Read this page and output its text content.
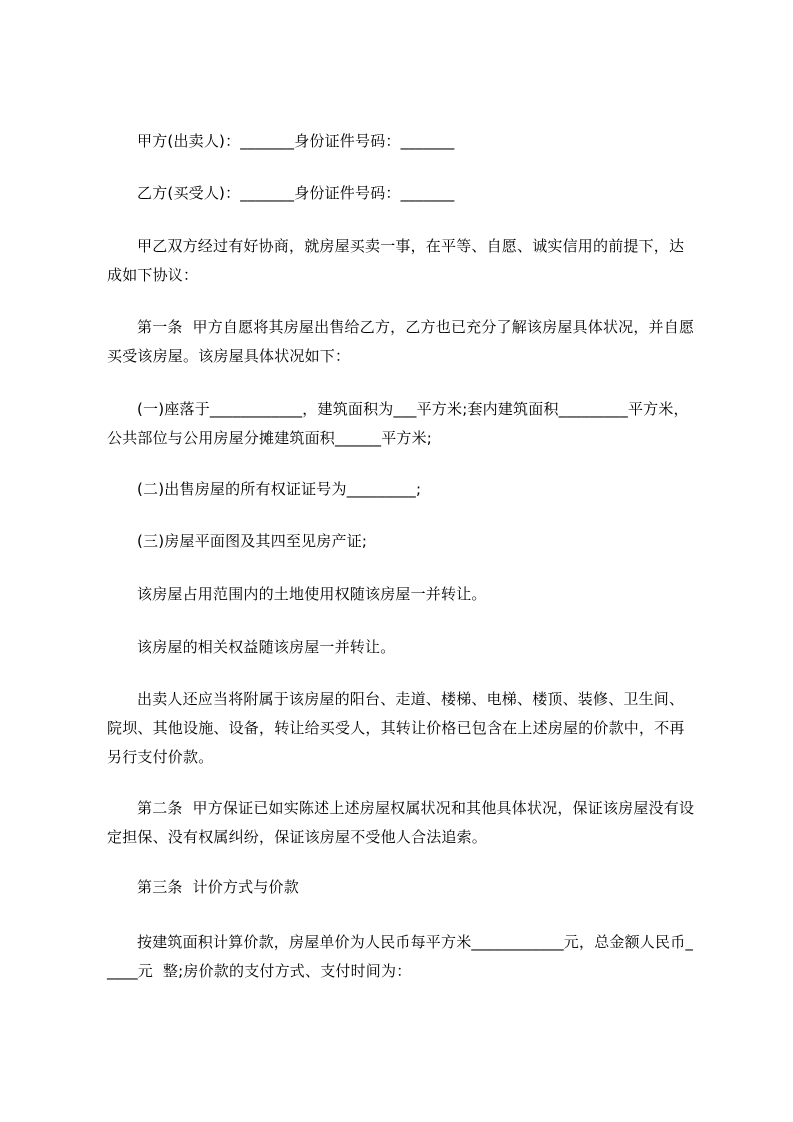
甲方(出卖人)：_______身份证件号码：_______
乙方(买受人)：_______身份证件号码：_______
甲乙双方经过有好协商，就房屋买卖一事，在平等、自愿、诚实信用的前提下，达成如下协议：
第一条  甲方自愿将其房屋出售给乙方，乙方也已充分了解该房屋具体状况，并自愿买受该房屋。该房屋具体状况如下：
(一)座落于____________，建筑面积为___平方米;套内建筑面积_________平方米，公共部位与公用房屋分摊建筑面积______平方米;
(二)出售房屋的所有权证证号为_________;
(三)房屋平面图及其四至见房产证;
该房屋占用范围内的土地使用权随该房屋一并转让。
该房屋的相关权益随该房屋一并转让。
出卖人还应当将附属于该房屋的阳台、走道、楼梯、电梯、楼顶、装修、卫生间、院坝、其他设施、设备，转让给买受人，其转让价格已包含在上述房屋的价款中，不再另行支付价款。
第二条  甲方保证已如实陈述上述房屋权属状况和其他具体状况，保证该房屋没有设定担保、没有权属纠纷，保证该房屋不受他人合法追索。
第三条  计价方式与价款
按建筑面积计算价款，房屋单价为人民币每平方米____________元，总金额人民币_____元  整;房价款的支付方式、支付时间为：
